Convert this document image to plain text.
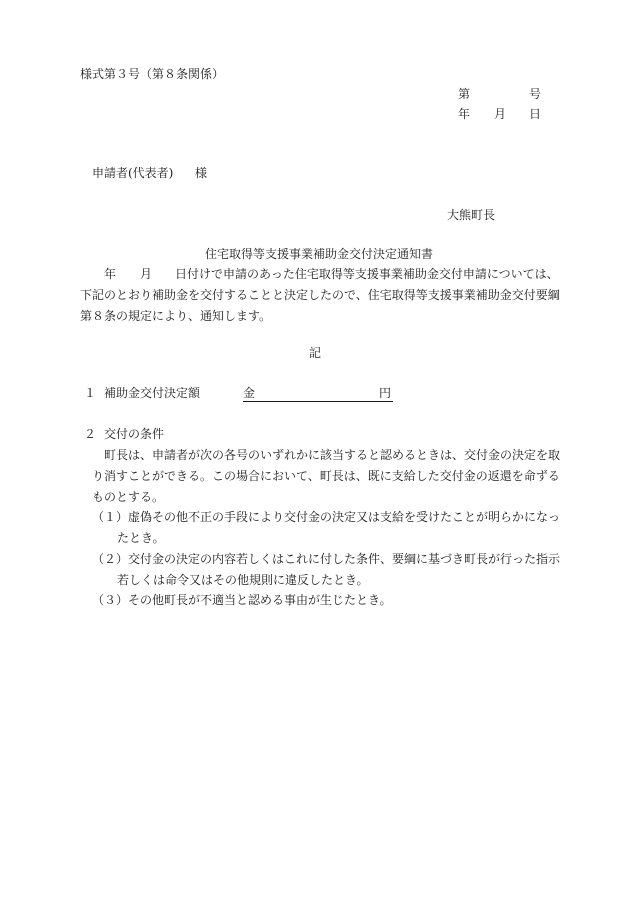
様式第３号（第８条関係）
第	号
年 月 日
申請者(代表者) 様
大熊町長
住宅取得等支援事業補助金交付決定通知書
年 月 日付けで申請のあった住宅取得等支援事業補助金交付申請については、
下記のとおり補助金を交付することと決定したので、住宅取得等支援事業補助金交付要綱
第８条の規定により、通知します。
記
１ 補助金交付決定額	金	円
２ 交付の条件
町長は、申請者が次の各号のいずれかに該当すると認めるときは、交付金の決定を取
り消すことができる。この場合において、町長は、既に支給した交付金の返還を命ずる
ものとする。
（１） 虚偽その他不正の手段により交付金の決定又は支給を受けたことが明らかになっ
たとき。
（２） 交付金の決定の内容若しくはこれに付した条件、要綱に基づき町長が行った指示
若しくは命令又はその他規則に違反したとき。
（３） その他町長が不適当と認める事由が生じたとき。
